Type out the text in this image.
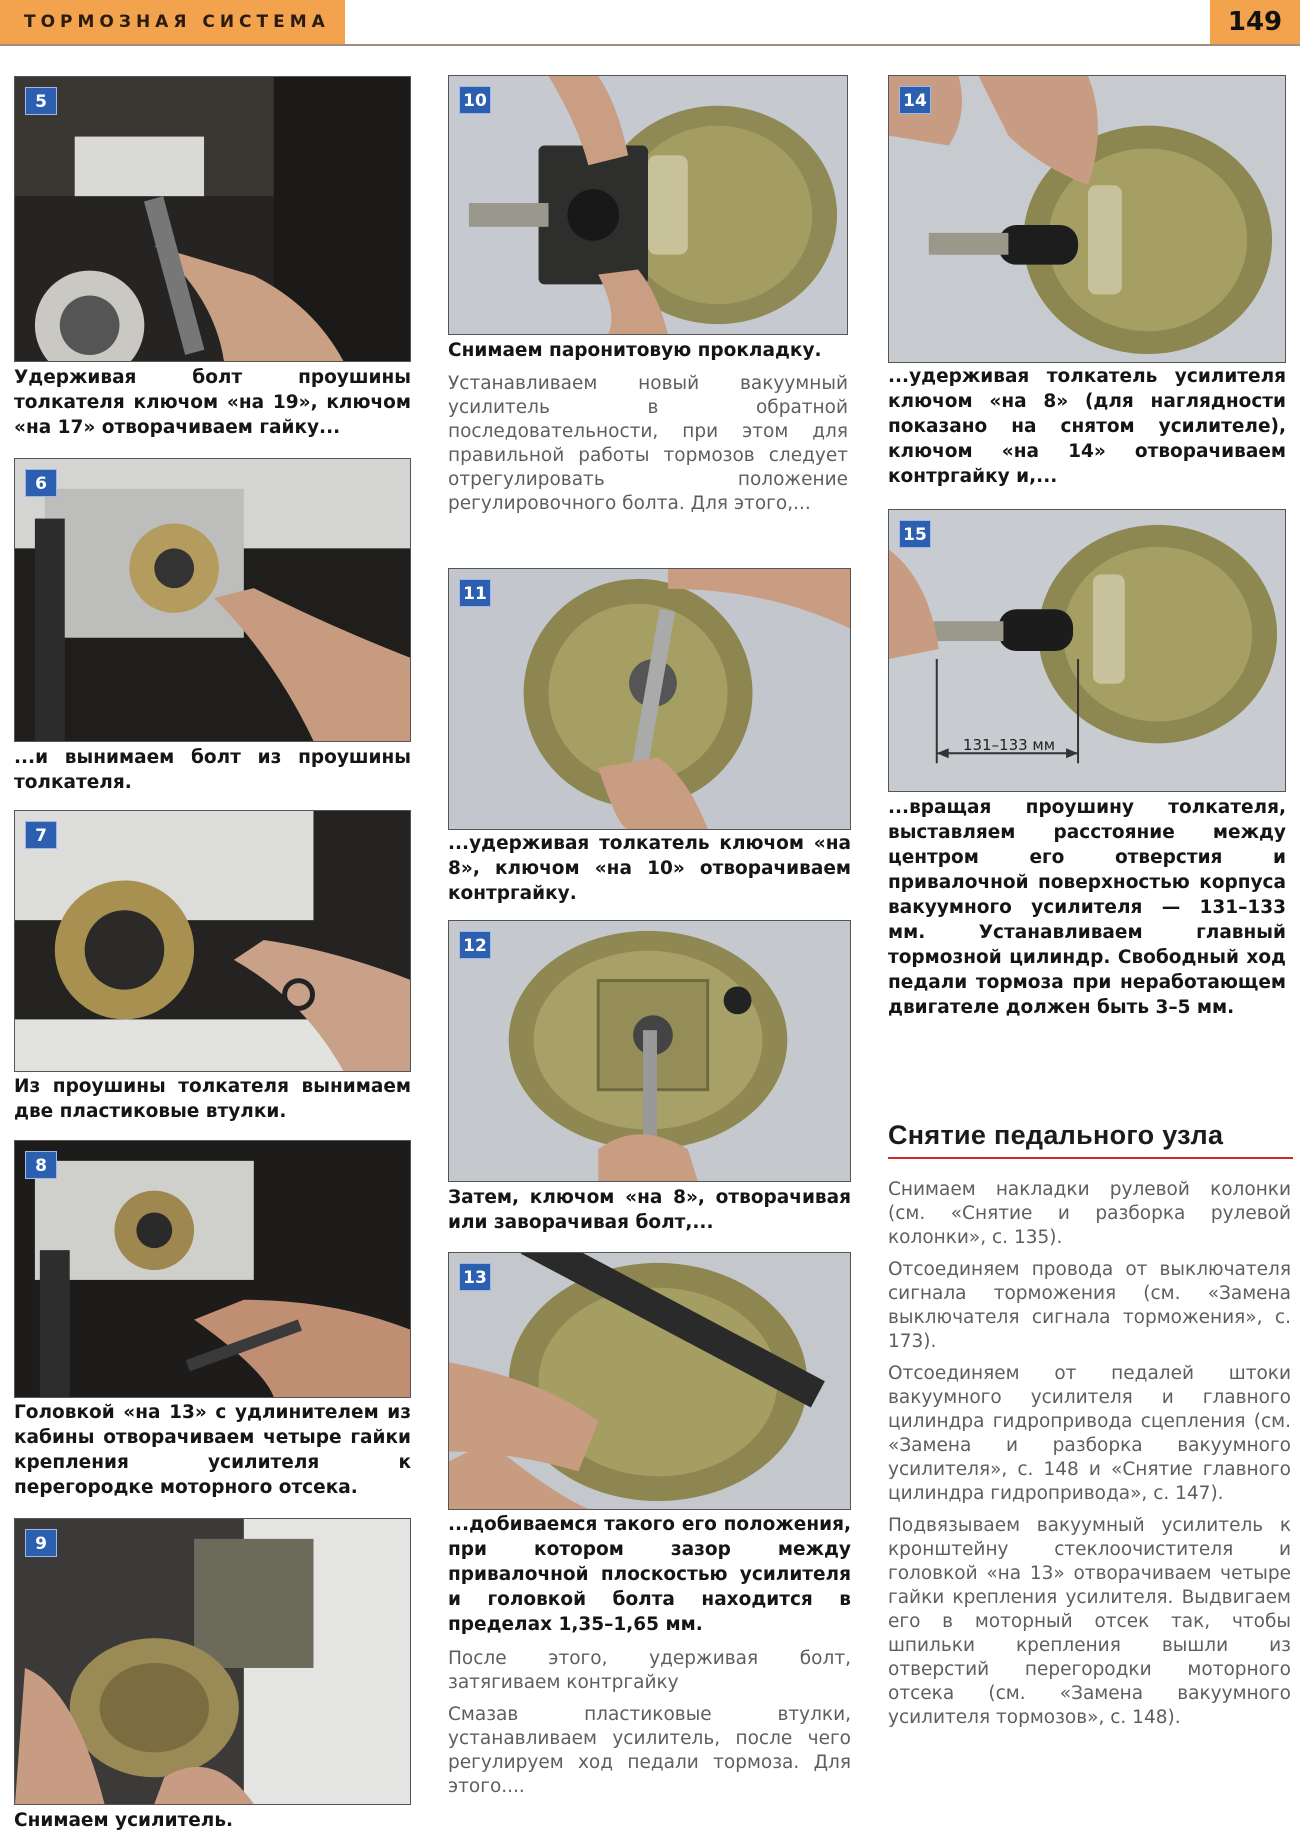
ТОРМОЗНАЯ СИСТЕМА	149
5
Удерживая болт проушины толкателя ключом «на 19», ключом «на 17» отворачиваем гайку...
6
...и вынимаем болт из проушины толкателя.
7
Из проушины толкателя вынимаем две пластиковые втулки.
8
Головкой «на 13» с удлинителем из кабины отворачиваем четыре гайки крепления усилителя к перегородке моторного отсека.
9
Снимаем усилитель.
10
Снимаем паронитовую прокладку.
Устанавливаем новый вакуумный усилитель в обратной последовательности, при этом для правильной работы тормозов следует отрегулировать положение регулировочного болта. Для этого,...
11
...удерживая толкатель ключом «на 8», ключом «на 10» отворачиваем контргайку.
12
Затем, ключом «на 8», отворачивая или заворачивая болт,...
13
...добиваемся такого его положения, при котором зазор между привалочной плоскостью усилителя и головкой болта находится в пределах 1,35–1,65 мм.

После этого, удерживая болт, затягиваем контргайку

Смазав пластиковые втулки, устанавливаем усилитель, после чего регулируем ход педали тормоза. Для этого....

14
...удерживая толкатель усилителя ключом «на 8» (для наглядности показано на снятом усилителе), ключом «на 14» отворачиваем контргайку и,...
15
131–133 мм
...вращая проушину толкателя, выставляем расстояние между центром его отверстия и привалочной поверхностью корпуса вакуумного усилителя — 131–133 мм. Устанавливаем главный тормозной цилиндр. Свободный ход педали тормоза при неработающем двигателе должен быть 3–5 мм.
Снятие педального узла

Снимаем накладки рулевой колонки (см. «Снятие и разборка рулевой колонки», с. 135).

Отсоединяем провода от выключателя сигнала торможения (см. «Замена выключателя сигнала торможения», с. 173).

Отсоединяем от педалей штоки вакуумного усилителя и главного цилиндра гидропривода сцепления (см. «Замена и разборка вакуумного усилителя», с. 148 и «Снятие главного цилиндра гидропривода», с. 147).

Подвязываем вакуумный усилитель к кронштейну стеклоочистителя и головкой «на 13» отворачиваем четыре гайки крепления усилителя. Выдвигаем его в моторный отсек так, чтобы шпильки крепления вышли из отверстий перегородки моторного отсека (см. «Замена вакуумного усилителя тормозов», с. 148).
